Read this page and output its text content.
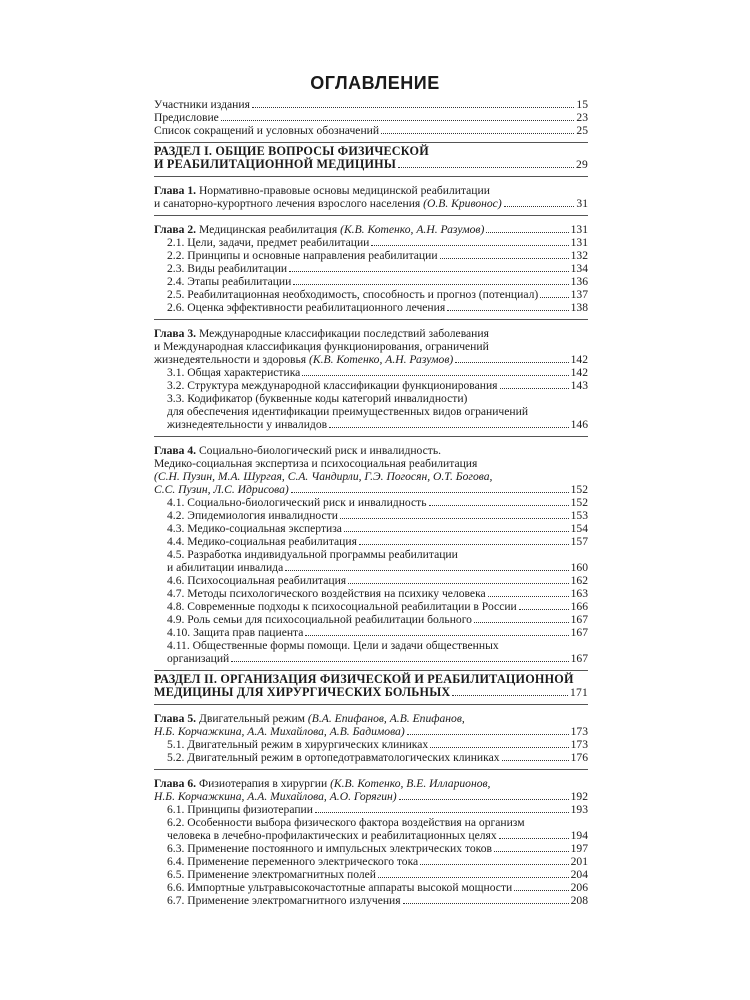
ОГЛАВЛЕНИЕ
Участники издания	15
Предисловие	23
Список сокращений и условных обозначений	25
РАЗДЕЛ I. ОБЩИЕ ВОПРОСЫ ФИЗИЧЕСКОЙ
И РЕАБИЛИТАЦИОННОЙ МЕДИЦИНЫ	29
Глава 1. Нормативно-правовые основы медицинской реабилитации
и санаторно-курортного лечения взрослого населения (О.В. Кривонос)	31
Глава 2. Медицинская реабилитация (К.В. Котенко, А.Н. Разумов)	131
2.1. Цели, задачи, предмет реабилитации	131
2.2. Принципы и основные направления реабилитации	132
2.3. Виды реабилитации	134
2.4. Этапы реабилитации	136
2.5. Реабилитационная необходимость, способность и прогноз (потенциал)	137
2.6. Оценка эффективности реабилитационного лечения	138
Глава 3. Международные классификации последствий заболевания
и Международная классификация функционирования, ограничений
жизнедеятельности и здоровья (К.В. Котенко, А.Н. Разумов)	142
3.1. Общая характеристика	142
3.2. Структура международной классификации функционирования	143
3.3. Кодификатор (буквенные коды категорий инвалидности)
для обеспечения идентификации преимущественных видов ограничений
жизнедеятельности у инвалидов	146
Глава 4. Социально-биологический риск и инвалидность.
Медико-социальная экспертиза и психосоциальная реабилитация
(С.Н. Пузин, М.А. Шургая, С.А. Чандирли, Г.Э. Погосян, О.Т. Богова,
С.С. Пузин, Л.С. Идрисова)	152
4.1. Социально-биологический риск и инвалидность	152
4.2. Эпидемиология инвалидности	153
4.3. Медико-социальная экспертиза	154
4.4. Медико-социальная реабилитация	157
4.5. Разработка индивидуальной программы реабилитации
и абилитации инвалида	160
4.6. Психосоциальная реабилитация	162
4.7. Методы психологического воздействия на психику человека	163
4.8. Современные подходы к психосоциальной реабилитации в России	166
4.9. Роль семьи для психосоциальной реабилитации больного	167
4.10. Защита прав пациента	167
4.11. Общественные формы помощи. Цели и задачи общественных
организаций	167
РАЗДЕЛ II. ОРГАНИЗАЦИЯ ФИЗИЧЕСКОЙ И РЕАБИЛИТАЦИОННОЙ
МЕДИЦИНЫ ДЛЯ ХИРУРГИЧЕСКИХ БОЛЬНЫХ	171
Глава 5. Двигательный режим (В.А. Епифанов, А.В. Епифанов,
Н.Б. Корчажкина, А.А. Михайлова, А.В. Бадимова)	173
5.1. Двигательный режим в хирургических клиниках	173
5.2. Двигательный режим в ортопедотравматологических клиниках	176
Глава 6. Физиотерапия в хирургии (К.В. Котенко, В.Е. Илларионов,
Н.Б. Корчажкина, А.А. Михайлова, А.О. Горягин)	192
6.1. Принципы физиотерапии	193
6.2. Особенности выбора физического фактора воздействия на организм
человека в лечебно-профилактических и реабилитационных целях	194
6.3. Применение постоянного и импульсных электрических токов	197
6.4. Применение переменного электрического тока	201
6.5. Применение электромагнитных полей	204
6.6. Импортные ультравысокочастотные аппараты высокой мощности	206
6.7. Применение электромагнитного излучения	208
